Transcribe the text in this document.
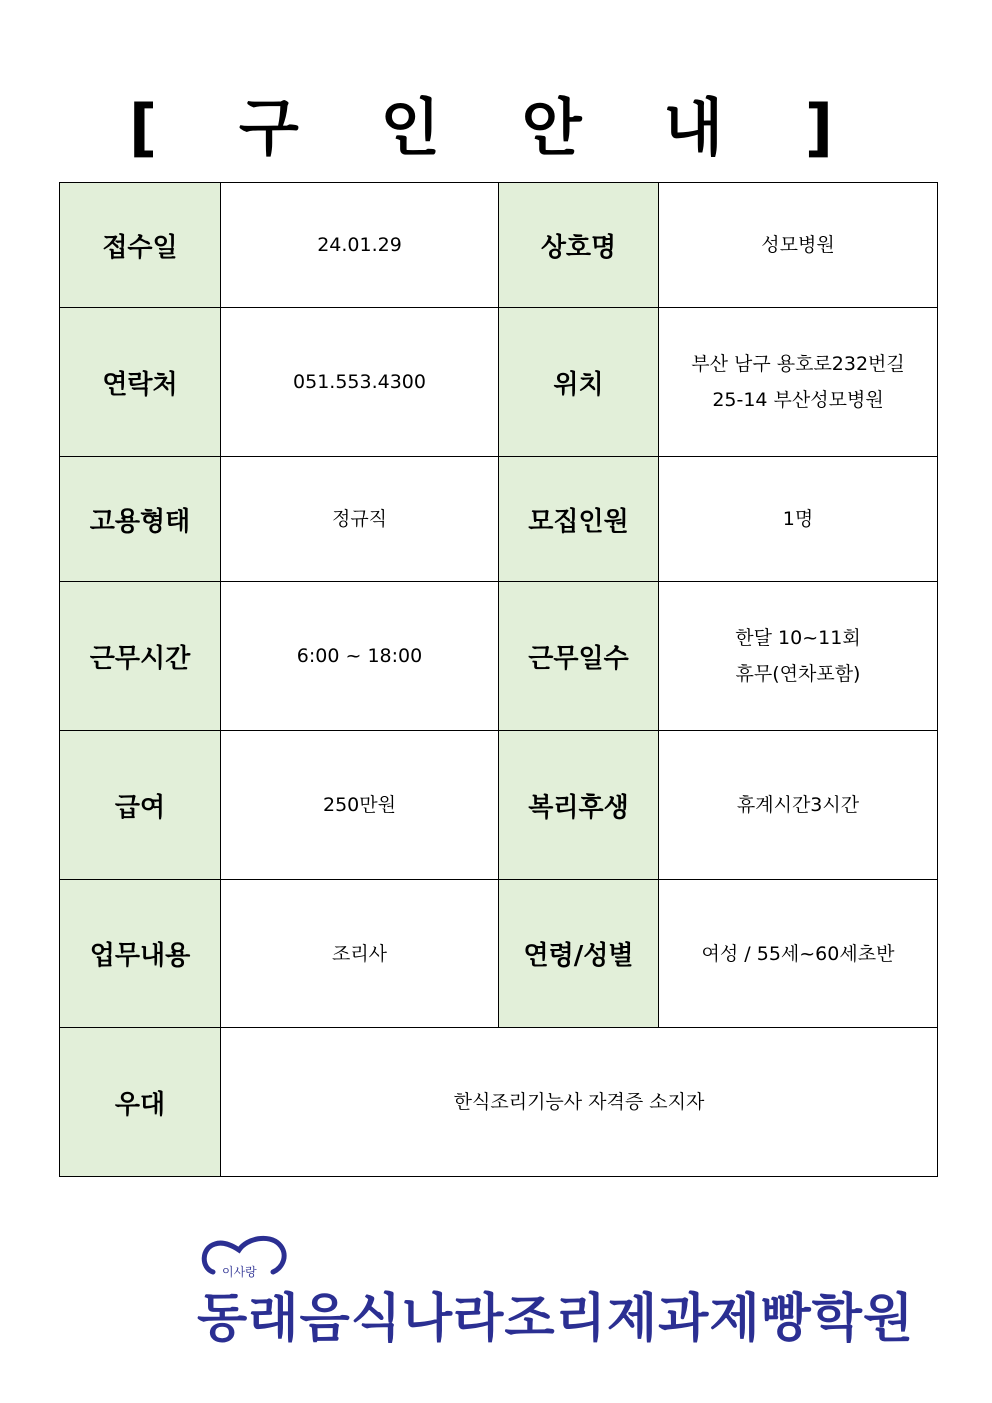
[ 구 인 안 내 ]
접수일	24.01.29	상호명	성모병원
연락처	051.553.4300	위치	부산 남구 용호로232번길
25-14 부산성모병원

고용형태	정규직	모집인원	1명
근무시간	6:00 ~ 18:00	근무일수	한달 10~11회
휴무(연차포함)

급여	250만원	복리후생	휴계시간3시간
업무내용	조리사	연령/성별	여성 / 55세~60세초반
우대	한식조리기능사 자격증 소지자		
이사랑
동래음식나라조리제과제빵학원
